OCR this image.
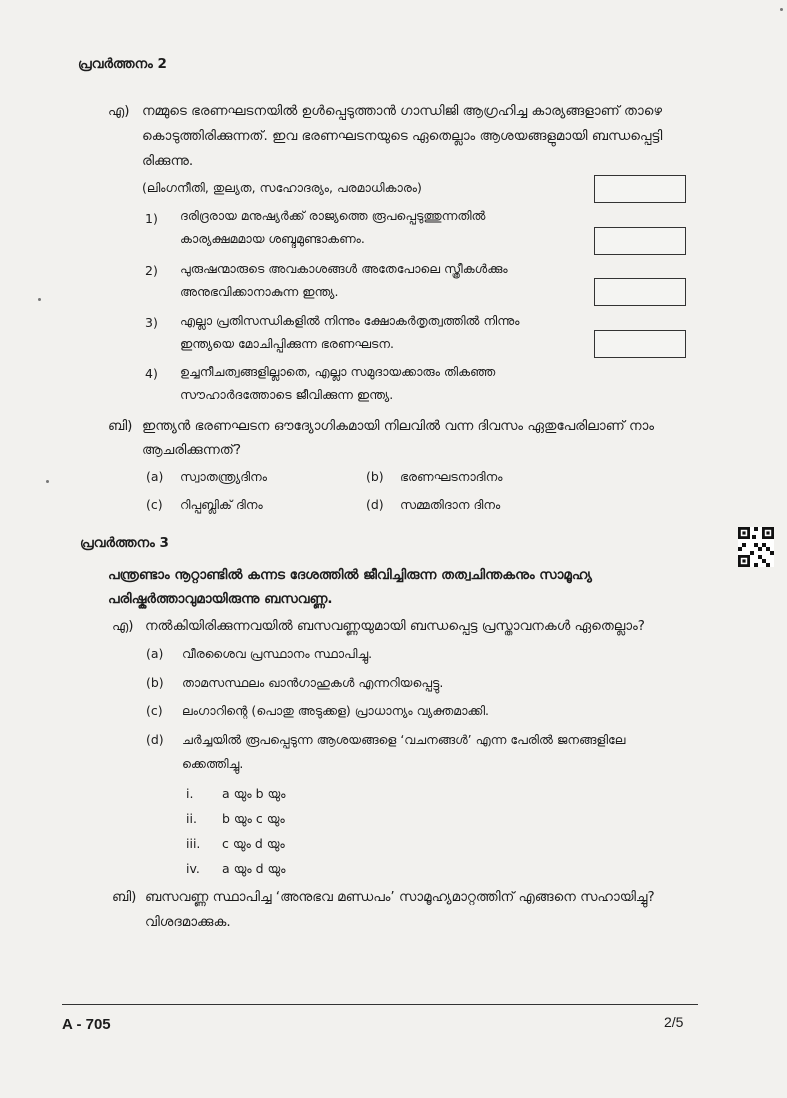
പ്രവർത്തനം 2
എ) നമ്മുടെ ഭരണഘടനയിൽ ഉൾപ്പെടുത്താൻ ഗാന്ധിജി ആഗ്രഹിച്ച കാര്യങ്ങളാണ് താഴെ
കൊടുത്തിരിക്കുന്നത്. ഇവ ഭരണഘടനയുടെ ഏതെല്ലാം ആശയങ്ങളുമായി ബന്ധപ്പെട്ടി
രിക്കുന്നു.
(ലിംഗനീതി, തുല്യത, സഹോദര്യം, പരമാധികാരം)
1) ദരിദ്രരായ മനുഷ്യർക്ക് രാജ്യത്തെ രൂപപ്പെടുത്തുന്നതിൽ
കാര്യക്ഷമമായ ശബ്ദമുണ്ടാകണം.
2) പുരുഷന്മാരുടെ അവകാശങ്ങൾ അതേപോലെ സ്ത്രീകൾക്കും
അനുഭവിക്കാനാകുന്ന ഇന്ത്യ.
3) എല്ലാ പ്രതിസന്ധികളിൽ നിന്നും ക്ഷോകർതൃത്വത്തിൽ നിന്നും
ഇന്ത്യയെ മോചിപ്പിക്കുന്ന ഭരണഘടന.
4) ഉച്ചനീചത്വങ്ങളില്ലാതെ, എല്ലാ സമുദായക്കാരും തികഞ്ഞ
സൗഹാർദത്തോടെ ജീവിക്കുന്ന ഇന്ത്യ.
ബി) ഇന്ത്യൻ ഭരണഘടന ഔദ്യോഗികമായി നിലവിൽ വന്ന ദിവസം ഏതുപേരിലാണ് നാം
ആചരിക്കുന്നത്?
(a) സ്വാതന്ത്ര്യദിനം	(b) ഭരണഘടനാദിനം
(c) റിപ്പബ്ലിക് ദിനം	(d) സമ്മതിദാന ദിനം
പ്രവർത്തനം 3
പന്ത്രണ്ടാം നൂറ്റാണ്ടിൽ കന്നട ദേശത്തിൽ ജീവിച്ചിരുന്ന തത്വചിന്തകനും സാമൂഹ്യ
പരിഷ്കർത്താവുമായിരുന്നു ബസവണ്ണ.
എ) നൽകിയിരിക്കുന്നവയിൽ ബസവണ്ണയുമായി ബന്ധപ്പെട്ട പ്രസ്താവനകൾ ഏതെല്ലാം?
(a) വീരശൈവ പ്രസ്ഥാനം സ്ഥാപിച്ചു.
(b) താമസസ്ഥലം ഖാൻഗാഹുകൾ എന്നറിയപ്പെട്ടു.
(c) ലംഗാറിന്റെ (പൊതു അടുക്കള) പ്രാധാന്യം വ്യക്തമാക്കി.
(d) ചർച്ചയിൽ രൂപപ്പെടുന്ന ആശയങ്ങളെ ‘വചനങ്ങൾ’ എന്ന പേരിൽ ജനങ്ങളിലേ
ക്കെത്തിച്ചു.
i. a യും b യും
ii. b യും c യും
iii. c യും d യും
iv. a യും d യും
ബി) ബസവണ്ണ സ്ഥാപിച്ച ‘അനുഭവ മണ്ഡപം’ സാമൂഹ്യമാറ്റത്തിന് എങ്ങനെ സഹായിച്ചു?
വിശദമാക്കുക.
A - 705	2/5
